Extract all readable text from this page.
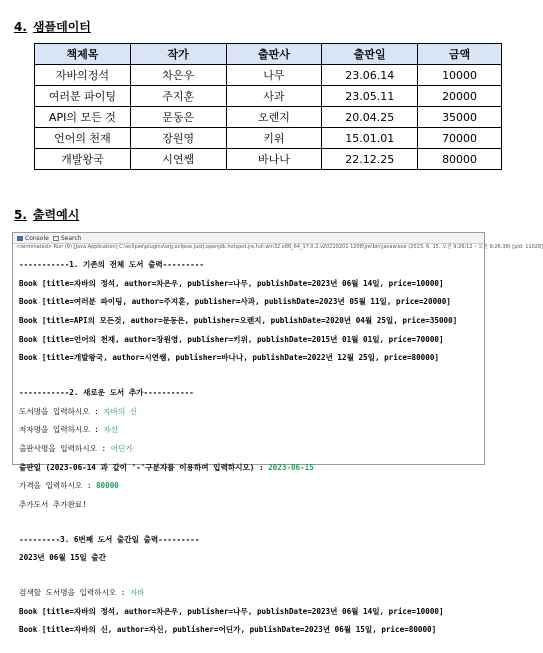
4. 샘플데이터
책제목	작가	출판사	출판일	금액
자바의정석	차은우	나무	23.06.14	10000
여러분 파이팅	주지훈	사과	23.05.11	20000
API의 모든 것	문동은	오렌지	20.04.25	35000
언어의 천재	장원영	키위	15.01.01	70000
개발왕국	시연쌤	바나나	22.12.25	80000
5. 출력예시
Console Search
<terminated> Run (9) [Java Application] C:\eclipse\plugins\org.eclipse.justj.openjdk.hotspot.jre.full.win32.x86_64_17.0.2.v20220201-1208\jre\bin\javaw.exe (2023. 6. 15. 오전 9:26:12 – 오전 9:26:38) [pid: 11028]

-----------1. 기존의 전체 도서 출력---------

Book [title=자바의 정석, author=차은우, publisher=나무, publishDate=2023년 06월 14일, price=10000]

Book [title=여러분 파이팅, author=주지훈, publisher=사과, publishDate=2023년 05월 11일, price=20000]

Book [title=API의 모든것, author=문동은, publisher=오렌지, publishDate=2020년 04월 25일, price=35000]

Book [title=언어의 천재, author=장원영, publisher=키위, publishDate=2015년 01월 01일, price=70000]

Book [title=개발왕국, author=시연쌤, publisher=바나나, publishDate=2022년 12월 25일, price=80000]

-----------2. 새로운 도서 추가-----------

도서명을 입력하시오 : 자바의 신

저자명을 입력하시오 : 자신

출판사명을 입력하시오 : 어딘가

출판일 (2023-06-14 과 같이 '-'구분자를 이용하여 입력하시오) : 2023-06-15

가격을 입력하시오 : 80000

추가도서 추가완료!

---------3. 6번째 도서 출간일 출력---------

2023년 06월 15일 출간

검색할 도서명을 입력하시오 : 자바

Book [title=자바의 정석, author=차은우, publisher=나무, publishDate=2023년 06월 14일, price=10000]

Book [title=자바의 신, author=자신, publisher=어딘가, publishDate=2023년 06월 15일, price=80000]
